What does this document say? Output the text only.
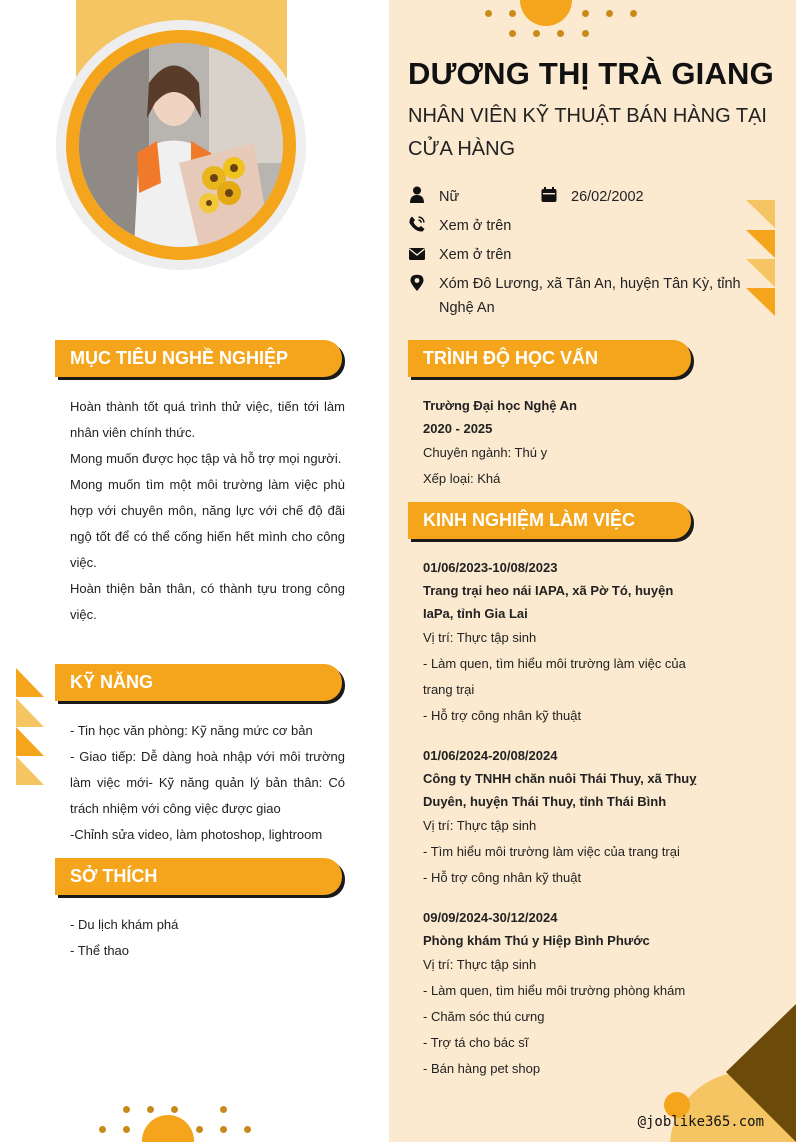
DƯƠNG THỊ TRÀ GIANG
NHÂN VIÊN KỸ THUẬT BÁN HÀNG TẠI CỬA HÀNG
Nữ	26/02/2002
Xem ở trên
Xem ở trên
Xóm Đô Lương, xã Tân An, huyện Tân Kỳ, tỉnh Nghệ An
MỤC TIÊU NGHỀ NGHIỆP

Hoàn thành tốt quá trình thử việc, tiến tới làm nhân viên chính thức.

Mong muốn được học tập và hỗ trợ mọi người.

Mong muốn tìm một môi trường làm việc phù hợp với chuyên môn, năng lực với chế độ đãi ngộ tốt để có thể cống hiến hết mình cho công việc.

Hoàn thiện bản thân, có thành tựu trong công việc.

KỸ NĂNG

- Tin học văn phòng: Kỹ năng mức cơ bản

- Giao tiếp: Dễ dàng hoà nhập với môi trường làm việc mới- Kỹ năng quản lý bản thân: Có trách nhiệm với công việc được giao

-Chỉnh sửa video, làm photoshop, lightroom

SỞ THÍCH

- Du lịch khám phá

- Thể thao

TRÌNH ĐỘ HỌC VẤN
Trường Đại học Nghệ An
2020 - 2025
Chuyên ngành: Thú y
Xếp loại: Khá
KINH NGHIỆM LÀM VIỆC
01/06/2023-10/08/2023
Trang trại heo nái IAPA, xã Pờ Tó, huyện IaPa, tỉnh Gia Lai
Vị trí: Thực tập sinh
- Làm quen, tìm hiểu môi trường làm việc của trang trại
- Hỗ trợ công nhân kỹ thuật
01/06/2024-20/08/2024
Công ty TNHH chăn nuôi Thái Thuy, xã Thuỵ Duyên, huyện Thái Thuy, tỉnh Thái Bình
Vị trí: Thực tập sinh
- Tìm hiểu môi trường làm việc của trang trại
- Hỗ trợ công nhân kỹ thuật
09/09/2024-30/12/2024
Phòng khám Thú y Hiệp Bình Phước
Vị trí: Thực tập sinh
- Làm quen, tìm hiểu môi trường phòng khám
- Chăm sóc thú cưng
- Trợ tá cho bác sĩ
- Bán hàng pet shop
@joblike365.com
